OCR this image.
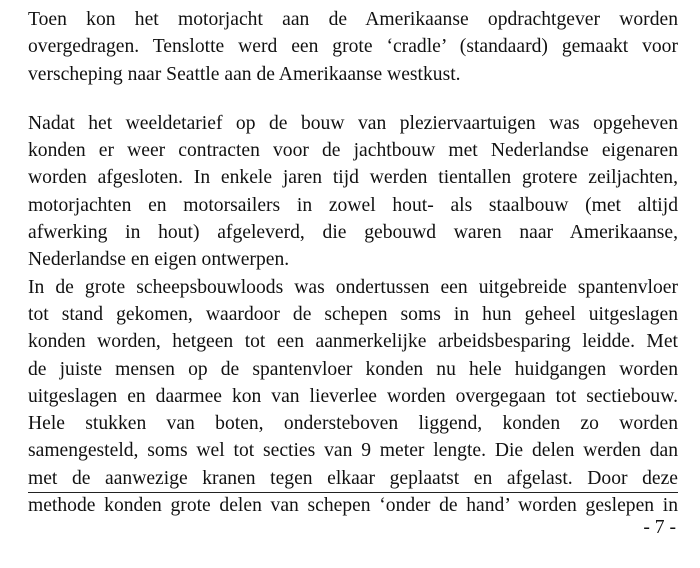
Toen kon het motorjacht aan de Amerikaanse opdrachtgever worden
overgedragen. Tenslotte werd een grote ‘cradle’ (standaard) gemaakt voor
verscheping naar Seattle aan de Amerikaanse westkust.

Nadat het weeldetarief op de bouw van pleziervaartuigen was opgeheven
konden er weer contracten voor de jachtbouw met Nederlandse eigenaren
worden afgesloten. In enkele jaren tijd werden tientallen grotere zeiljachten,
motorjachten en motorsailers in zowel hout- als staalbouw (met altijd
afwerking in hout) afgeleverd, die gebouwd waren naar Amerikaanse,
Nederlandse en eigen ontwerpen.

In de grote scheepsbouwloods was ondertussen een uitgebreide spantenvloer
tot stand gekomen, waardoor de schepen soms in hun geheel uitgeslagen
konden worden, hetgeen tot een aanmerkelijke arbeidsbesparing leidde. Met
de juiste mensen op de spantenvloer konden nu hele huidgangen worden
uitgeslagen en daarmee kon van lieverlee worden overgegaan tot sectiebouw.
Hele stukken van boten, ondersteboven liggend, konden zo worden
samengesteld, soms wel tot secties van 9 meter lengte. Die delen werden dan
met de aanwezige kranen tegen elkaar geplaatst en afgelast. Door deze
methode konden grote delen van schepen ‘onder de hand’ worden geslepen in

- 7 -
